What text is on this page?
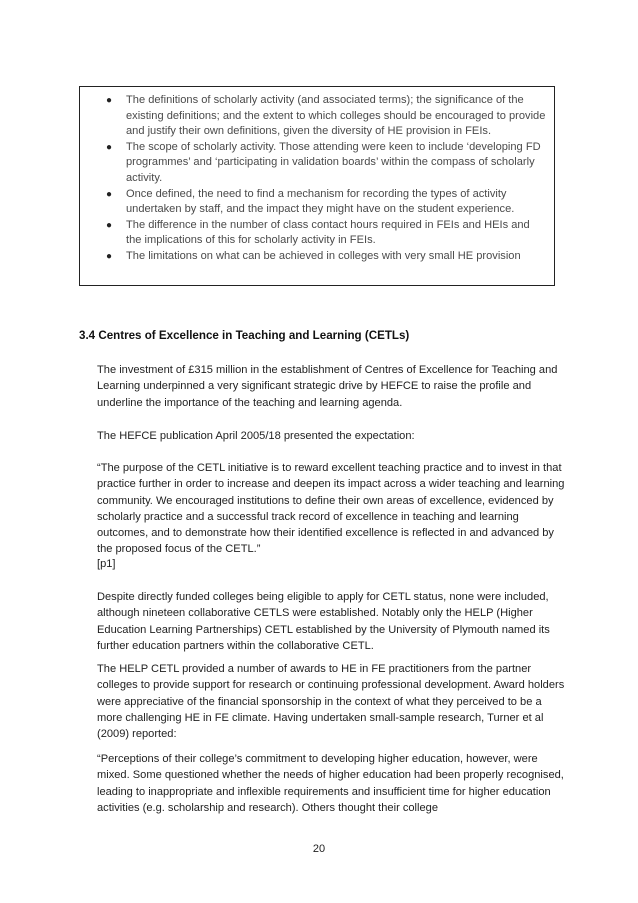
● The definitions of scholarly activity (and associated terms); the significance of the existing definitions; and the extent to which colleges should be encouraged to provide and justify their own definitions, given the diversity of HE provision in FEIs.
● The scope of scholarly activity. Those attending were keen to include ‘developing FD programmes’ and ‘participating in validation boards’ within the compass of scholarly activity.
● Once defined, the need to find a mechanism for recording the types of activity undertaken by staff, and the impact they might have on the student experience.
● The difference in the number of class contact hours required in FEIs and HEIs and the implications of this for scholarly activity in FEIs.
● The limitations on what can be achieved in colleges with very small HE provision
3.4 Centres of Excellence in Teaching and Learning (CETLs)

The investment of £315 million in the establishment of Centres of Excellence for Teaching and Learning underpinned a very significant strategic drive by HEFCE to raise the profile and underline the importance of the teaching and learning agenda.

The HEFCE publication April 2005/18 presented the expectation:

“The purpose of the CETL initiative is to reward excellent teaching practice and to invest in that practice further in order to increase and deepen its impact across a wider teaching and learning community. We encouraged institutions to define their own areas of excellence, evidenced by scholarly practice and a successful track record of excellence in teaching and learning outcomes, and to demonstrate how their identified excellence is reflected in and advanced by the proposed focus of the CETL.”

[p1]

Despite directly funded colleges being eligible to apply for CETL status, none were included, although nineteen collaborative CETLS were established. Notably only the HELP (Higher Education Learning Partnerships) CETL established by the University of Plymouth named its further education partners within the collaborative CETL.

The HELP CETL provided a number of awards to HE in FE practitioners from the partner colleges to provide support for research or continuing professional development. Award holders were appreciative of the financial sponsorship in the context of what they perceived to be a more challenging HE in FE climate. Having undertaken small-sample research, Turner et al (2009) reported:

“Perceptions of their college’s commitment to developing higher education, however, were mixed. Some questioned whether the needs of higher education had been properly recognised, leading to inappropriate and inflexible requirements and insufficient time for higher education activities (e.g. scholarship and research). Others thought their college

20
